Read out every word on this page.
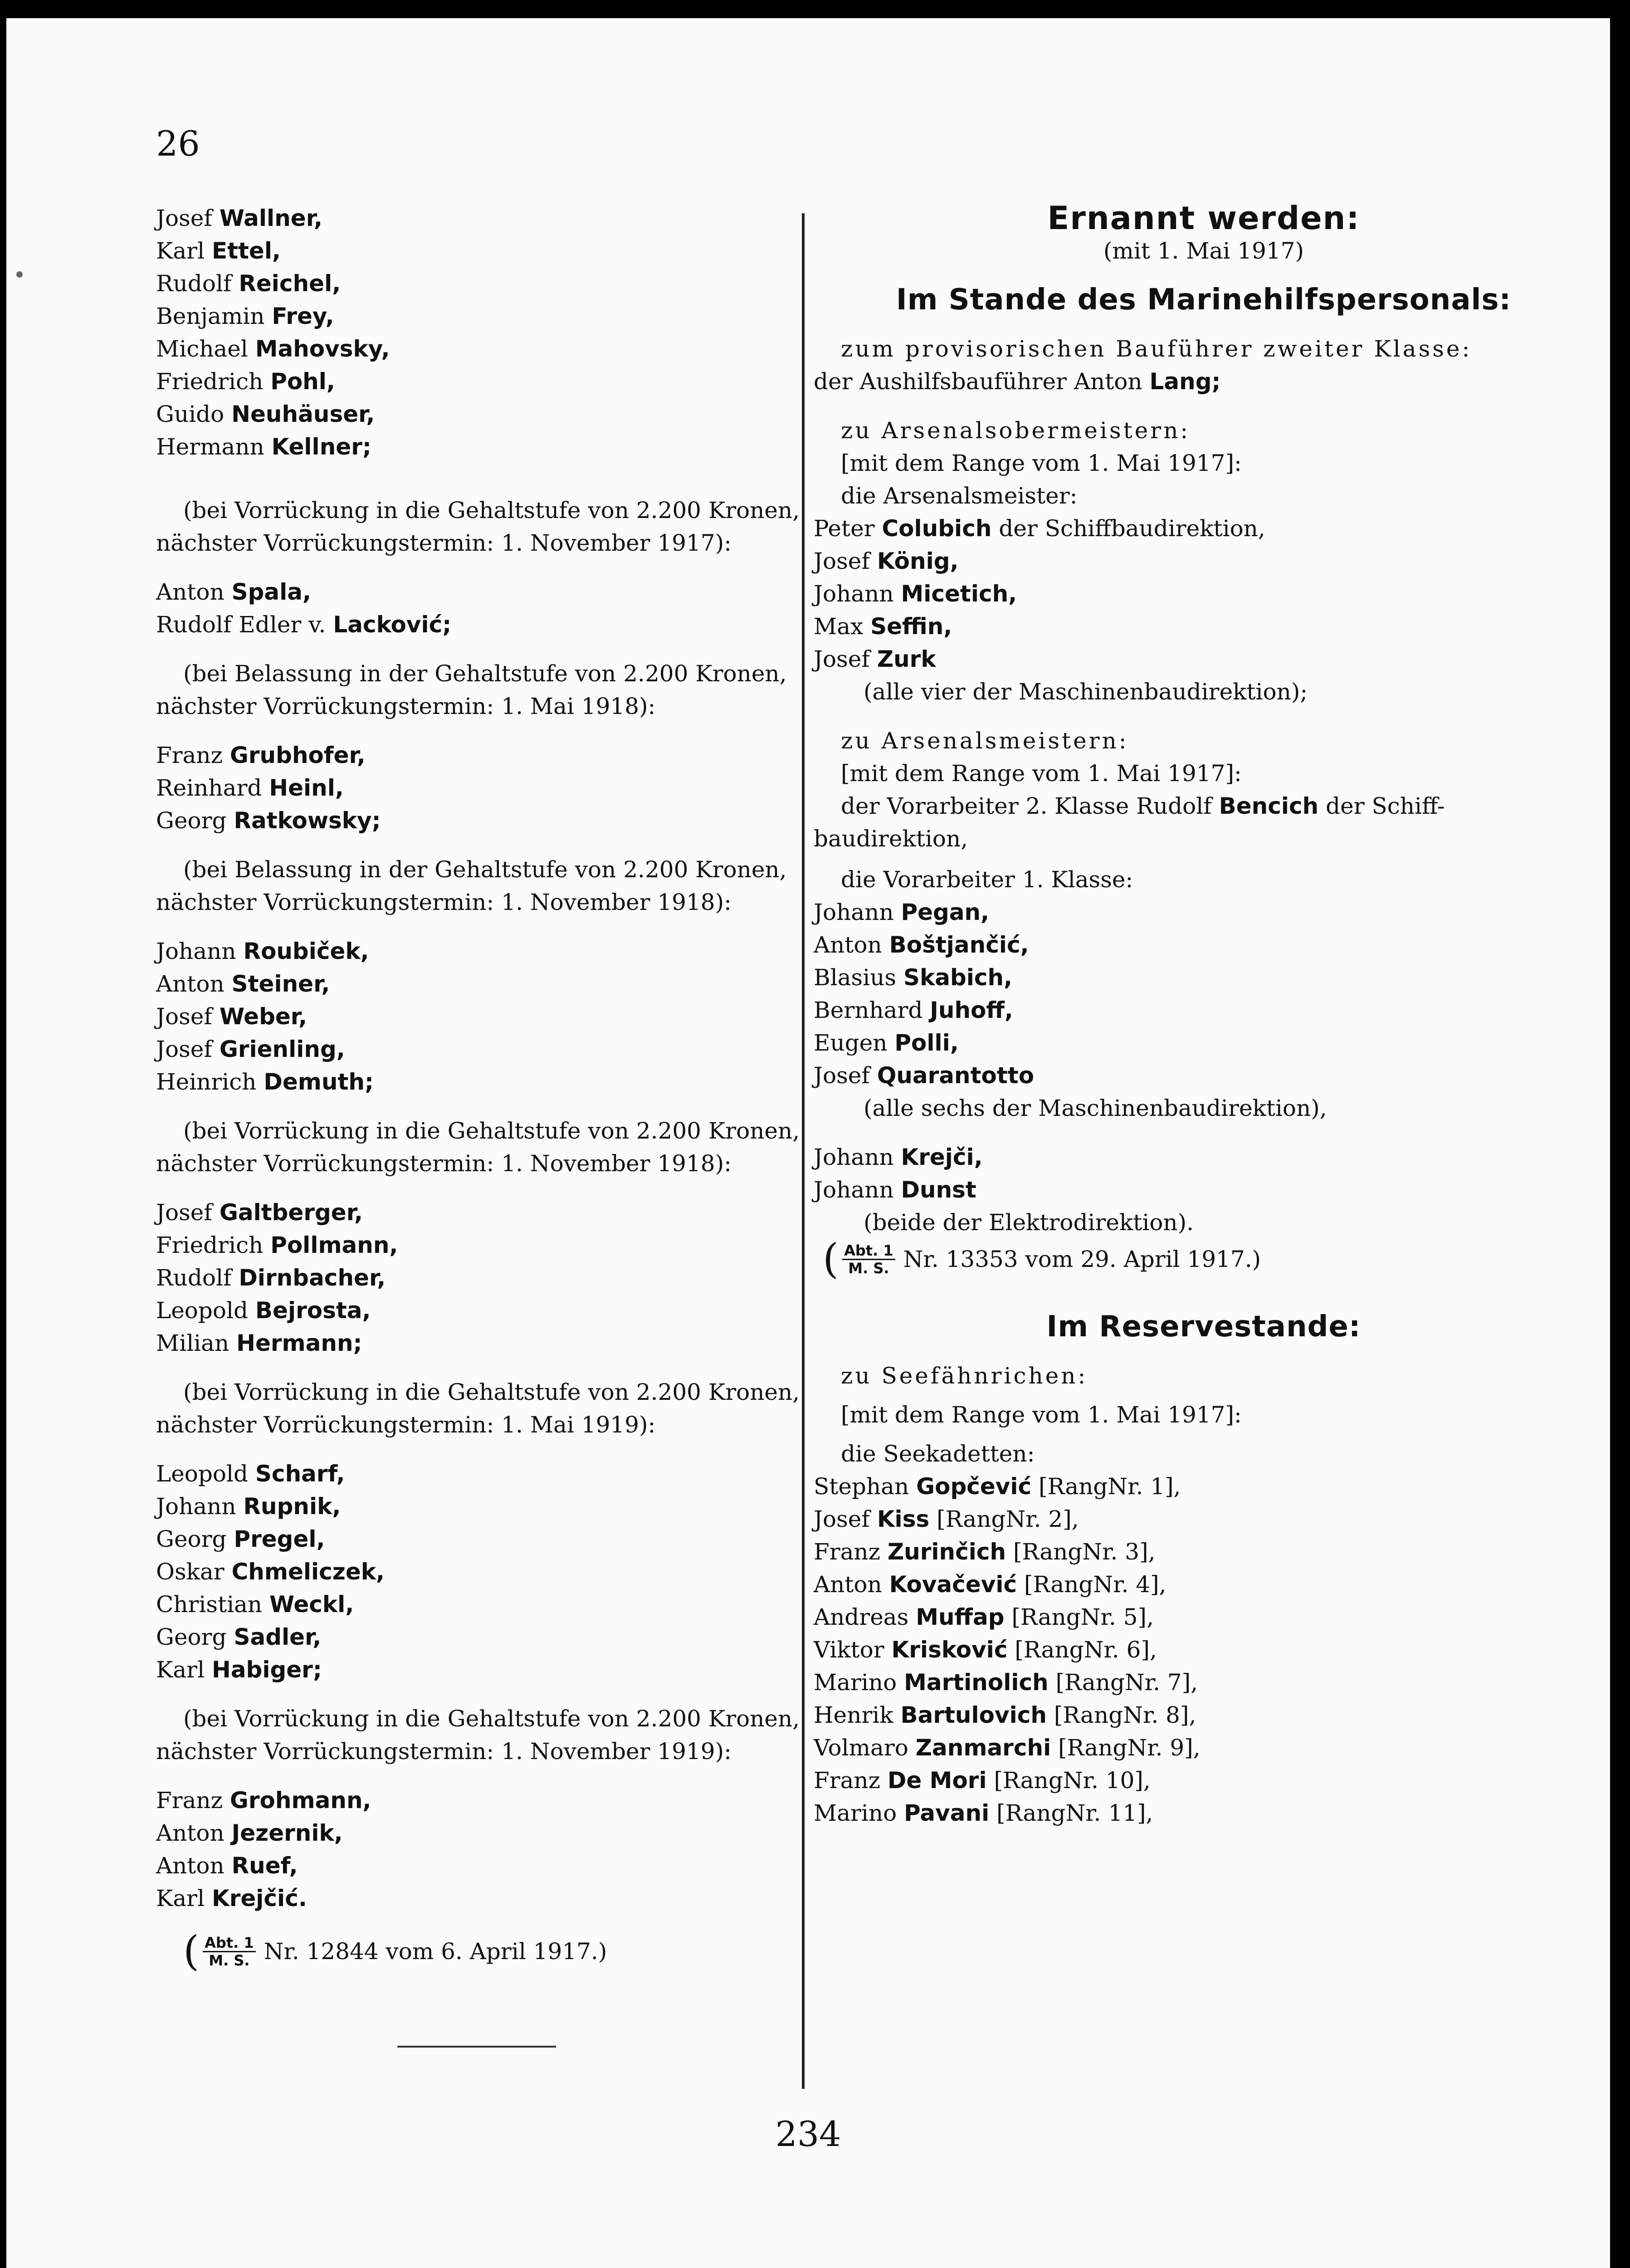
26
Josef Wallner,
Karl Ettel,
Rudolf Reichel,
Benjamin Frey,
Michael Mahovsky,
Friedrich Pohl,
Guido Neuhäuser,
Hermann Kellner;
(bei Vorrückung in die Gehaltstufe von 2.200 Kronen,
nächster Vorrückungstermin: 1. November 1917):
Anton Spala,
Rudolf Edler v. Lacković;
(bei Belassung in der Gehaltstufe von 2.200 Kronen,
nächster Vorrückungstermin: 1. Mai 1918):
Franz Grubhofer,
Reinhard Heinl,
Georg Ratkowsky;
(bei Belassung in der Gehaltstufe von 2.200 Kronen,
nächster Vorrückungstermin: 1. November 1918):
Johann Roubiček,
Anton Steiner,
Josef Weber,
Josef Grienling,
Heinrich Demuth;
(bei Vorrückung in die Gehaltstufe von 2.200 Kronen,
nächster Vorrückungstermin: 1. November 1918):
Josef Galtberger,
Friedrich Pollmann,
Rudolf Dirnbacher,
Leopold Bejrosta,
Milian Hermann;
(bei Vorrückung in die Gehaltstufe von 2.200 Kronen,
nächster Vorrückungstermin: 1. Mai 1919):
Leopold Scharf,
Johann Rupnik,
Georg Pregel,
Oskar Chmeliczek,
Christian Weckl,
Georg Sadler,
Karl Habiger;
(bei Vorrückung in die Gehaltstufe von 2.200 Kronen,
nächster Vorrückungstermin: 1. November 1919):
Franz Grohmann,
Anton Jezernik,
Anton Ruef,
Karl Krejčić.
( $\frac{\text{Abt. 1}}{M. S.} Nr$. 12844 vom 6. April 1917.)
Ernannt werden:
(mit 1. Mai 1917)
Im Stande des Marinehilfspersonals:
zum provisorischen Bauführer zweiter Klasse:
der Aushilfsbauführer Anton Lang;
zu Arsenalsobermeistern:
[mit dem Range vom 1. Mai 1917]:
die Arsenalsmeister:
Peter Colubich der Schiffbaudirektion,
Josef König,
Johann Micetich,
Max Seffin,
Josef Zurk
(alle vier der Maschinenbaudirektion);
zu Arsenalsmeistern:
[mit dem Range vom 1. Mai 1917]:
der Vorarbeiter 2. Klasse Rudolf Bencich der Schiff-
baudirektion,
die Vorarbeiter 1. Klasse:
Johann Pegan,
Anton Boštjančić,
Blasius Skabich,
Bernhard Juhoff,
Eugen Polli,
Josef Quarantotto
(alle sechs der Maschinenbaudirektion),
Johann Krejči,
Johann Dunst
(beide der Elektrodirektion).
( $\frac{\text{Abt. 1}}{M. S.} Nr$. 13353 vom 29. April 1917.)
Im Reservestande:
zu Seefähnrichen:
[mit dem Range vom 1. Mai 1917]:
die Seekadetten:
Stephan Gopčević [RangNr. 1],
Josef Kiss [RangNr. 2],
Franz Zurinčich [RangNr. 3],
Anton Kovačević [RangNr. 4],
Andreas Muffap [RangNr. 5],
Viktor Krisković [RangNr. 6],
Marino Martinolich [RangNr. 7],
Henrik Bartulovich [RangNr. 8],
Volmaro Zanmarchi [RangNr. 9],
Franz De Mori [RangNr. 10],
Marino Pavani [RangNr. 11],
234
